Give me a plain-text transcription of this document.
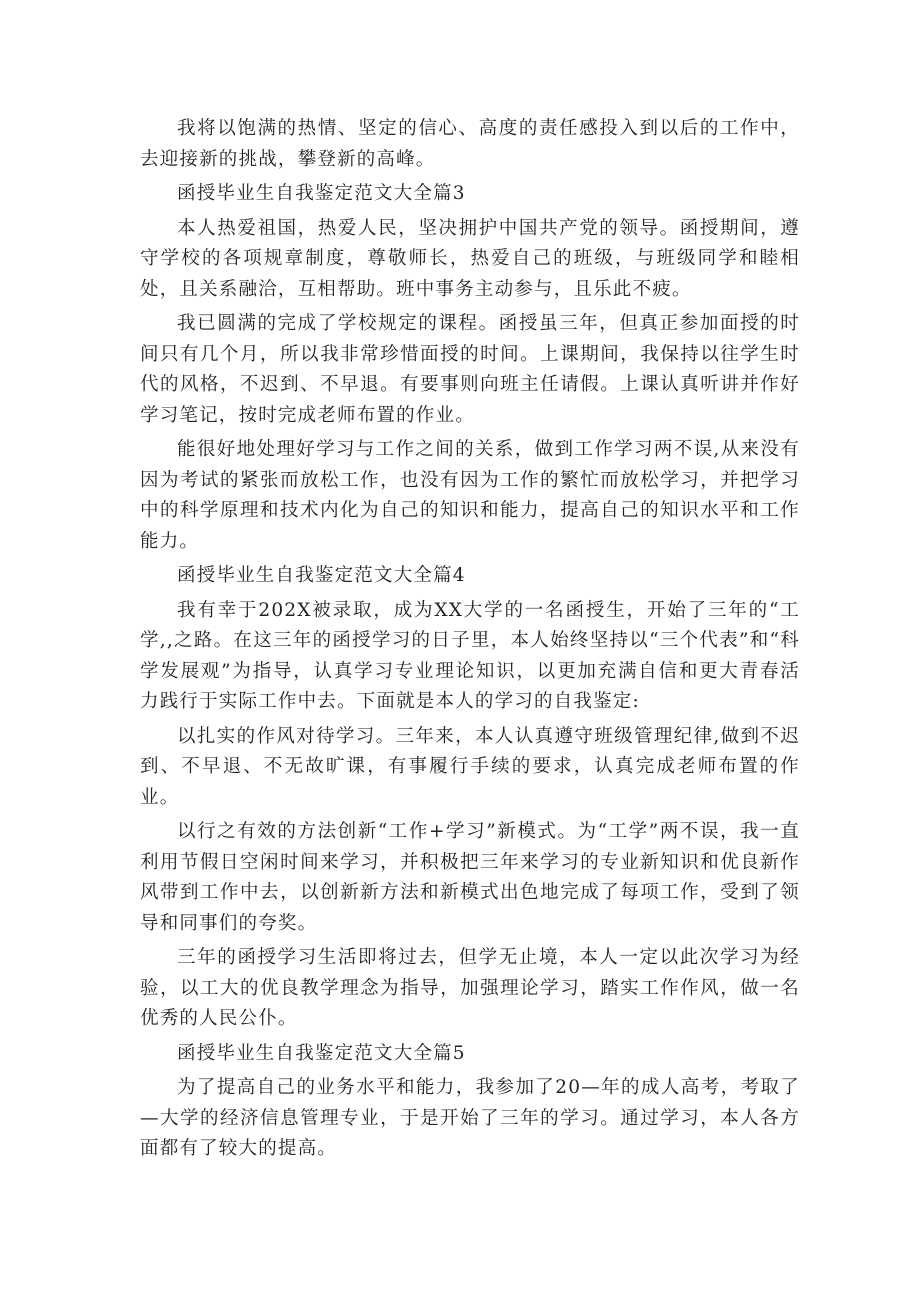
我将以饱满的热情、坚定的信心、高度的责任感投入到以后的工作中，去迎接新的挑战，攀登新的高峰。

函授毕业生自我鉴定范文大全篇3

本人热爱祖国，热爱人民，坚决拥护中国共产党的领导。函授期间，遵守学校的各项规章制度，尊敬师长，热爱自己的班级，与班级同学和睦相处，且关系融洽，互相帮助。班中事务主动参与，且乐此不疲。

我已圆满的完成了学校规定的课程。函授虽三年，但真正参加面授的时间只有几个月，所以我非常珍惜面授的时间。上课期间，我保持以往学生时代的风格，不迟到、不早退。有要事则向班主任请假。上课认真听讲并作好学习笔记，按时完成老师布置的作业。

能很好地处理好学习与工作之间的关系，做到工作学习两不误,从来没有因为考试的紧张而放松工作，也没有因为工作的繁忙而放松学习，并把学习中的科学原理和技术内化为自己的知识和能力，提高自己的知识水平和工作能力。

函授毕业生自我鉴定范文大全篇4

我有幸于202X被录取，成为XX大学的一名函授生，开始了三年的“工学,,之路。在这三年的函授学习的日子里，本人始终坚持以“三个代表”和“科学发展观”为指导，认真学习专业理论知识，以更加充满自信和更大青春活力践行于实际工作中去。下面就是本人的学习的自我鉴定:

以扎实的作风对待学习。三年来，本人认真遵守班级管理纪律,做到不迟到、不早退、不无故旷课，有事履行手续的要求，认真完成老师布置的作业。

以行之有效的方法创新“工作+学习”新模式。为“工学”两不误，我一直利用节假日空闲时间来学习，并积极把三年来学习的专业新知识和优良新作风带到工作中去，以创新新方法和新模式出色地完成了每项工作，受到了领导和同事们的夸奖。

三年的函授学习生活即将过去，但学无止境，本人一定以此次学习为经验，以工大的优良教学理念为指导，加强理论学习，踏实工作作风，做一名优秀的人民公仆。

函授毕业生自我鉴定范文大全篇5

为了提高自己的业务水平和能力，我参加了20—年的成人高考，考取了—大学的经济信息管理专业，于是开始了三年的学习。通过学习，本人各方面都有了较大的提高。
